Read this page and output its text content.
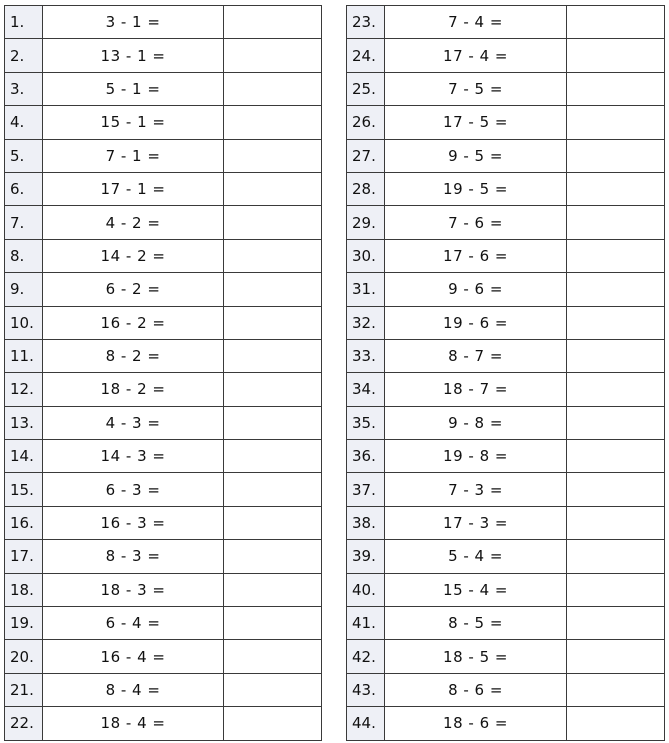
1.	3 - 1 =	
2.	13 - 1 =	
3.	5 - 1 =	
4.	15 - 1 =	
5.	7 - 1 =	
6.	17 - 1 =	
7.	4 - 2 =	
8.	14 - 2 =	
9.	6 - 2 =	
10.	16 - 2 =	
11.	8 - 2 =	
12.	18 - 2 =	
13.	4 - 3 =	
14.	14 - 3 =	
15.	6 - 3 =	
16.	16 - 3 =	
17.	8 - 3 =	
18.	18 - 3 =	
19.	6 - 4 =	
20.	16 - 4 =	
21.	8 - 4 =	
22.	18 - 4 =	
23.	7 - 4 =	
24.	17 - 4 =	
25.	7 - 5 =	
26.	17 - 5 =	
27.	9 - 5 =	
28.	19 - 5 =	
29.	7 - 6 =	
30.	17 - 6 =	
31.	9 - 6 =	
32.	19 - 6 =	
33.	8 - 7 =	
34.	18 - 7 =	
35.	9 - 8 =	
36.	19 - 8 =	
37.	7 - 3 =	
38.	17 - 3 =	
39.	5 - 4 =	
40.	15 - 4 =	
41.	8 - 5 =	
42.	18 - 5 =	
43.	8 - 6 =	
44.	18 - 6 =	
